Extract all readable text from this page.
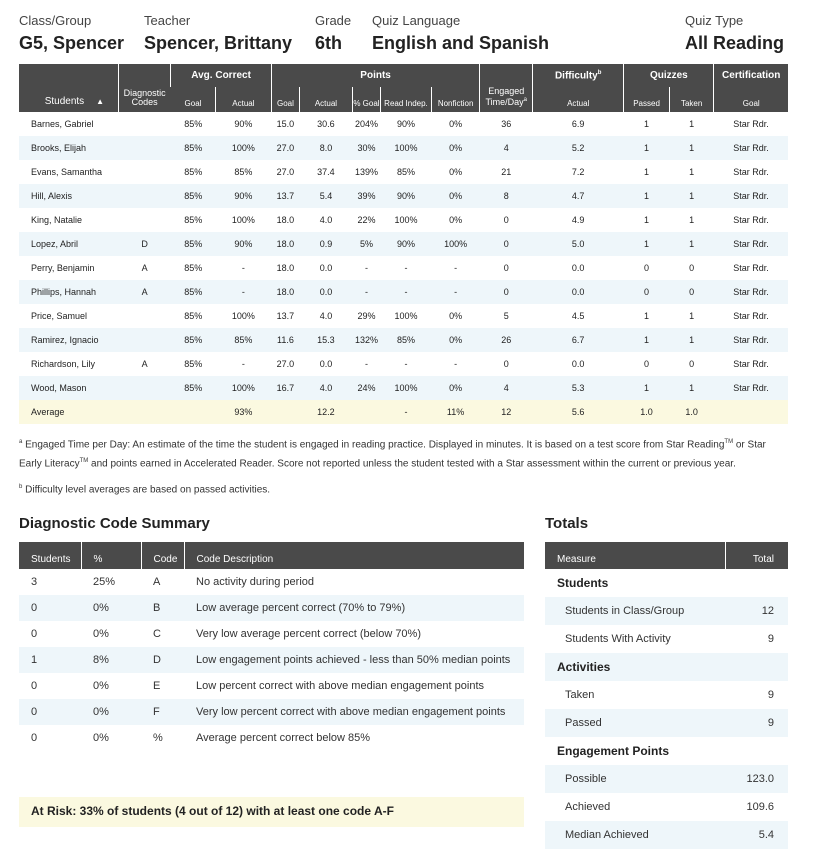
Class/Group
G5, Spencer
Teacher
Spencer, Brittany
Grade
6th
Quiz Language
English and Spanish
Quiz Type
All Reading
Students ▲	Diagnostic Codes	Avg. Correct		Points					Engaged Time/Day$^a$	Difficulty$^b$	Quizzes		Certification
		Goal	Actual	Goal	Actual	% Goal	Read Indep.	Nonfiction		Actual	Passed	Taken	Goal
Barnes, Gabriel		85%	90%	15.0	30.6	204%	90%	0%	36	6.9	1	1	Star Rdr.
Brooks, Elijah		85%	100%	27.0	8.0	30%	100%	0%	4	5.2	1	1	Star Rdr.
Evans, Samantha		85%	85%	27.0	37.4	139%	85%	0%	21	7.2	1	1	Star Rdr.
Hill, Alexis		85%	90%	13.7	5.4	39%	90%	0%	8	4.7	1	1	Star Rdr.
King, Natalie		85%	100%	18.0	4.0	22%	100%	0%	0	4.9	1	1	Star Rdr.
Lopez, Abril	D	85%	90%	18.0	0.9	5%	90%	100%	0	5.0	1	1	Star Rdr.
Perry, Benjamin	A	85%	-	18.0	0.0	-	-	-	0	0.0	0	0	Star Rdr.
Phillips, Hannah	A	85%	-	18.0	0.0	-	-	-	0	0.0	0	0	Star Rdr.
Price, Samuel		85%	100%	13.7	4.0	29%	100%	0%	5	4.5	1	1	Star Rdr.
Ramirez, Ignacio		85%	85%	11.6	15.3	132%	85%	0%	26	6.7	1	1	Star Rdr.
Richardson, Lily	A	85%	-	27.0	0.0	-	-	-	0	0.0	0	0	Star Rdr.
Wood, Mason		85%	100%	16.7	4.0	24%	100%	0%	4	5.3	1	1	Star Rdr.
Average			93%		12.2		-	11%	12	5.6	1.0	1.0	

$^a$ Engaged Time per Day: An estimate of the time the student is engaged in reading practice. Displayed in minutes. It is based on a test score from Star Reading™ or Star Early Literacy™ and points earned in Accelerated Reader. Score not reported unless the student tested with a Star assessment within the current or previous year.

$^b$ Difficulty level averages are based on passed activities.

Diagnostic Code Summary
Students	%	Code	Code Description
3	25%	A	No activity during period
0	0%	B	Low average percent correct (70% to 79%)
0	0%	C	Very low average percent correct (below 70%)
1	8%	D	Low engagement points achieved - less than 50% median points
0	0%	E	Low percent correct with above median engagement points
0	0%	F	Very low percent correct with above median engagement points
0	0%	%	Average percent correct below 85%
At Risk: 33% of students (4 out of 12) with at least one code A-F
Totals
Measure	Total
Students	
Students in Class/Group	12
Students With Activity	9
Activities	
Taken	9
Passed	9
Engagement Points	
Possible	123.0
Achieved	109.6
Median Achieved	5.4
